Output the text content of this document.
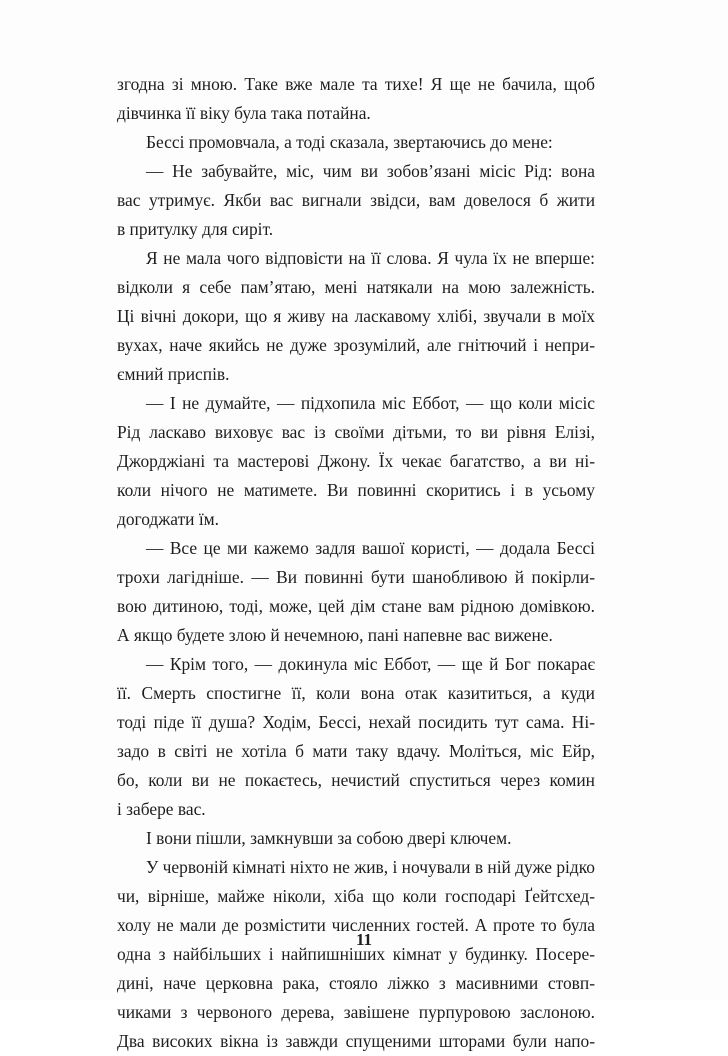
згодна зі мною. Таке вже мале та тихе! Я ще не бачила, щоб
дівчинка її віку була така потайна.
Бессі промовчала, а тоді сказала, звертаючись до мене:
— Не забувайте, міс, чим ви зобов’язані місіс Рід: вона
вас утримує. Якби вас вигнали звідси, вам довелося б жити
в притулку для сиріт.
Я не мала чого відповісти на її слова. Я чула їх не вперше:
відколи я себе пам’ятаю, мені натякали на мою залежність.
Ці вічні докори, що я живу на ласкавому хлібі, звучали в моїх
вухах, наче якийсь не дуже зрозумілий, але гнітючий і непри-
ємний приспів.
— І не думайте, — підхопила міс Еббот, — що коли місіс
Рід ласкаво виховує вас із своїми дітьми, то ви рівня Елізі,
Джорджіані та мастерові Джону. Їх чекає багатство, а ви ні-
коли нічого не матимете. Ви повинні скоритись і в усьому
догоджати їм.
— Все це ми кажемо задля вашої користі, — додала Бессі
трохи лагідніше. — Ви повинні бути шанобливою й покірли-
вою дитиною, тоді, може, цей дім стане вам рідною домівкою.
А якщо будете злою й нечемною, пані напевне вас вижене.
— Крім того, — докинула міс Еббот, — ще й Бог покарає
її. Смерть спостигне її, коли вона отак казититься, а куди
тоді піде її душа? Ходім, Бессі, нехай посидить тут сама. Ні-
задо в світі не хотіла б мати таку вдачу. Моліться, міс Ейр,
бо, коли ви не покаєтесь, нечистий спуститься через комин
і забере вас.
І вони пішли, замкнувши за собою двері ключем.
У червоній кімнаті ніхто не жив, і ночували в ній дуже рідко
чи, вірніше, майже ніколи, хіба що коли господарі Ґейтсхед-
холу не мали де розмістити численних гостей. А проте то була
одна з найбільших і найпишніших кімнат у будинку. Посере-
дині, наче церковна рака, стояло ліжко з масивними стовп-
чиками з червоного дерева, завішене пурпуровою заслоною.
Два високих вікна із завжди спущеними шторами були напо-
11
